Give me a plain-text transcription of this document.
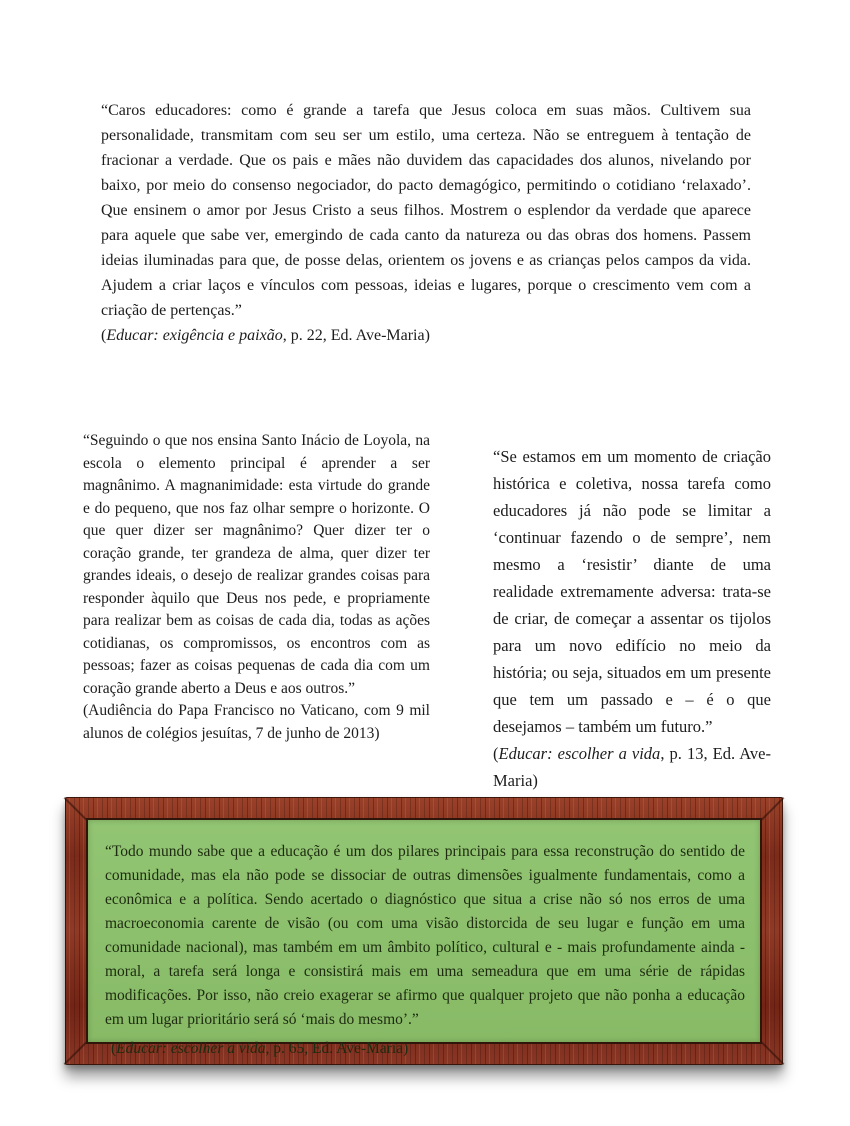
“Caros educadores: como é grande a tarefa que Jesus coloca em suas mãos. Cultivem sua personalidade, transmitam com seu ser um estilo, uma certeza. Não se entreguem à tentação de fracionar a verdade. Que os pais e mães não duvidem das capacidades dos alunos, nivelando por baixo, por meio do consenso negociador, do pacto demagógico, permitindo o cotidiano ‘relaxado’. Que ensinem o amor por Jesus Cristo a seus filhos. Mostrem o esplendor da verdade que aparece para aquele que sabe ver, emergindo de cada canto da natureza ou das obras dos homens. Passem ideias iluminadas para que, de posse delas, orientem os jovens e as crianças pelos campos da vida. Ajudem a criar laços e vínculos com pessoas, ideias e lugares, porque o crescimento vem com a criação de pertenças.”

(Educar: exigência e paixão, p. 22, Ed. Ave-Maria)

“Seguindo o que nos ensina Santo Inácio de Loyola, na escola o elemento principal é aprender a ser magnânimo. A magnanimidade: esta virtude do grande e do pequeno, que nos faz olhar sempre o horizonte. O que quer dizer ser magnânimo? Quer dizer ter o coração grande, ter grandeza de alma, quer dizer ter grandes ideais, o desejo de realizar grandes coisas para responder àquilo que Deus nos pede, e propriamente para realizar bem as coisas de cada dia, todas as ações cotidianas, os compromissos, os encontros com as pessoas; fazer as coisas pequenas de cada dia com um coração grande aberto a Deus e aos outros.”

(Audiência do Papa Francisco no Vaticano, com 9 mil alunos de colégios jesuítas, 7 de junho de 2013)

“Se estamos em um momento de criação histórica e coletiva, nossa tarefa como educadores já não pode se limitar a ‘continuar fazendo o de sempre’, nem mesmo a ‘resistir’ diante de uma realidade extremamente adversa: trata-se de criar, de começar a assentar os tijolos para um novo edifício no meio da história; ou seja, situados em um presente que tem um passado e – é o que desejamos – também um futuro.”

(Educar: escolher a vida, p. 13, Ed. Ave-Maria)

“Todo mundo sabe que a educação é um dos pilares principais para essa reconstrução do sentido de comunidade, mas ela não pode se dissociar de outras dimensões igualmente fundamentais, como a econômica e a política. Sendo acertado o diagnóstico que situa a crise não só nos erros de uma macroeconomia carente de visão (ou com uma visão distorcida de seu lugar e função em uma comunidade nacional), mas também em um âmbito político, cultural e - mais profundamente ainda - moral, a tarefa será longa e consistirá mais em uma semeadura que em uma série de rápidas modificações. Por isso, não creio exagerar se afirmo que qualquer projeto que não ponha a educação em um lugar prioritário será só ‘mais do mesmo’.”

(Educar: escolher a vida, p. 65, Ed. Ave-Maria)
